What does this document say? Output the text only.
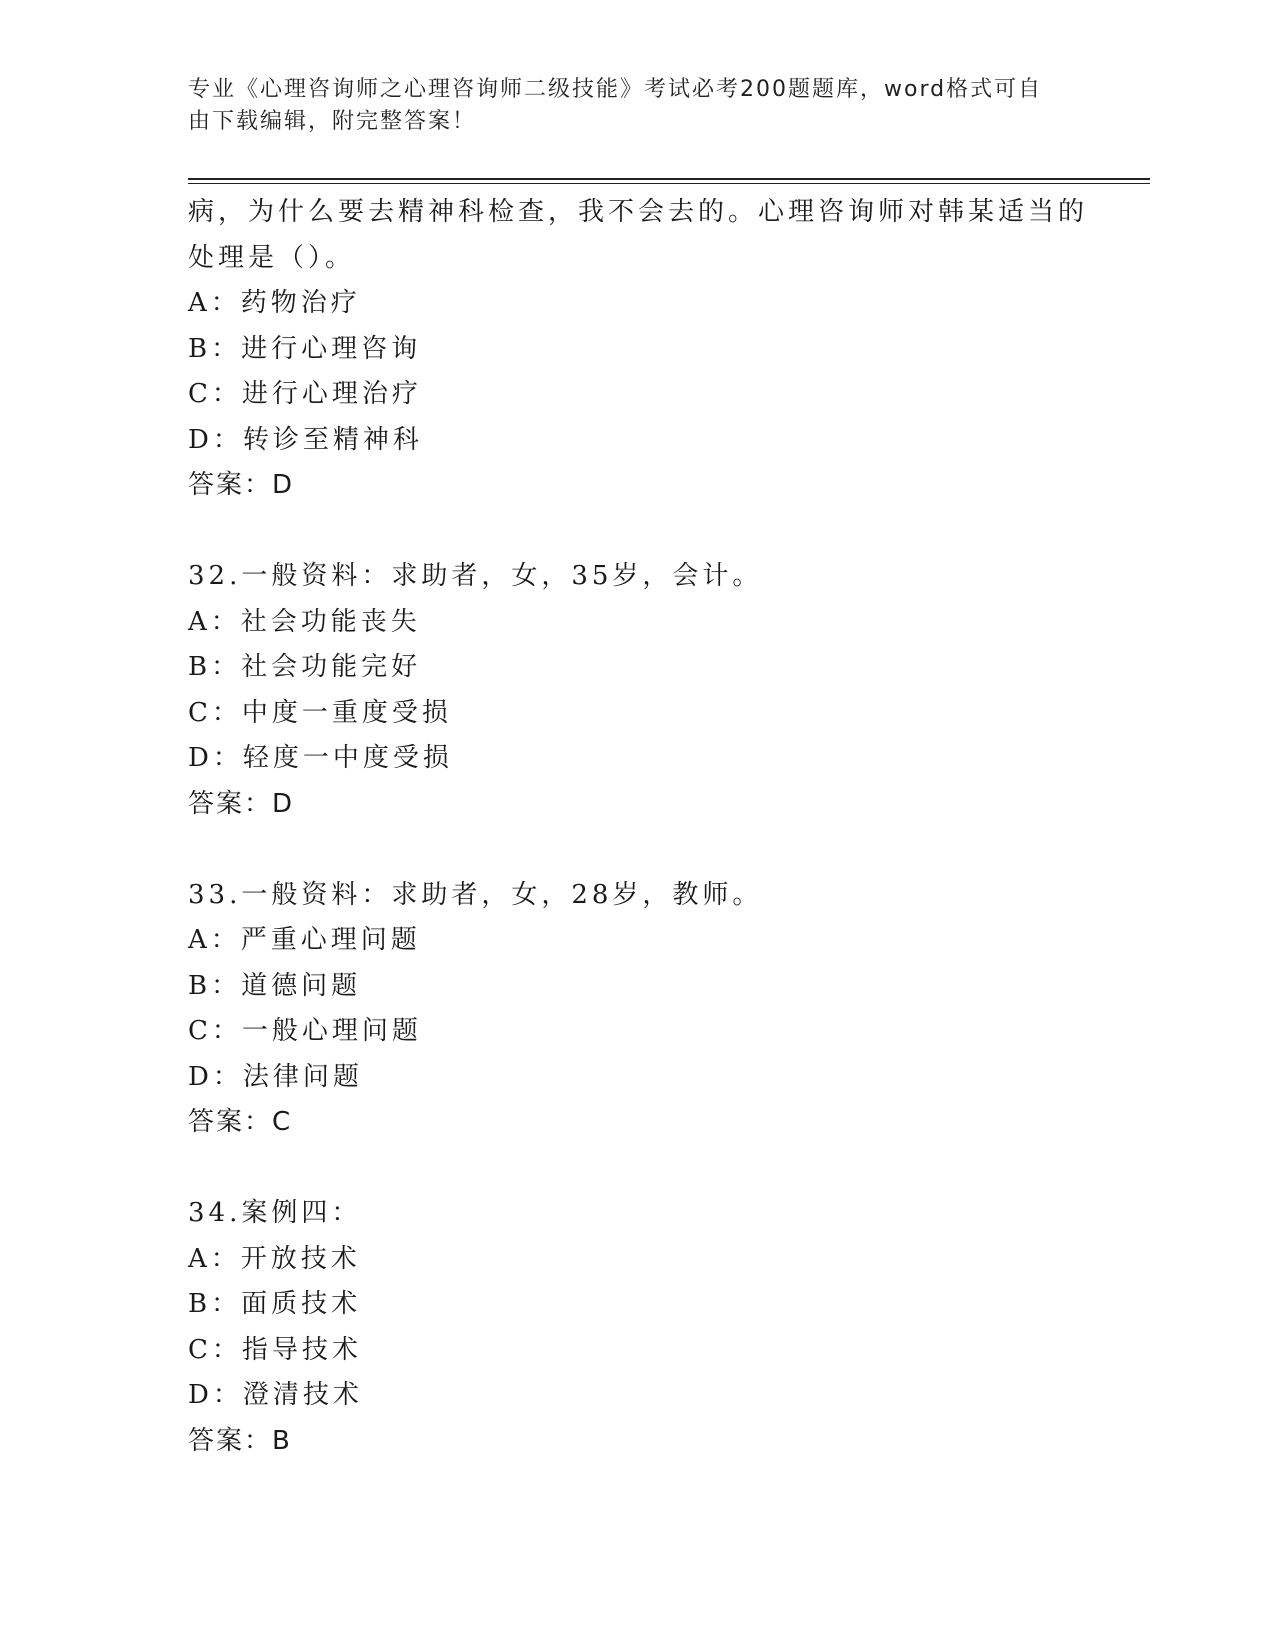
专业《心理咨询师之心理咨询师二级技能》考试必考200题题库，word格式可自
由下载编辑，附完整答案！
病，为什么要去精神科检查，我不会去的。心理咨询师对韩某适当的
处理是（）。
A：药物治疗
B：进行心理咨询
C：进行心理治疗
D：转诊至精神科
答案：D
32.一般资料：求助者，女，35岁，会计。
A：社会功能丧失
B：社会功能完好
C：中度一重度受损
D：轻度一中度受损
答案：D
33.一般资料：求助者，女，28岁，教师。
A：严重心理问题
B：道德问题
C：一般心理问题
D：法律问题
答案：C
34.案例四：
A：开放技术
B：面质技术
C：指导技术
D：澄清技术
答案：B
